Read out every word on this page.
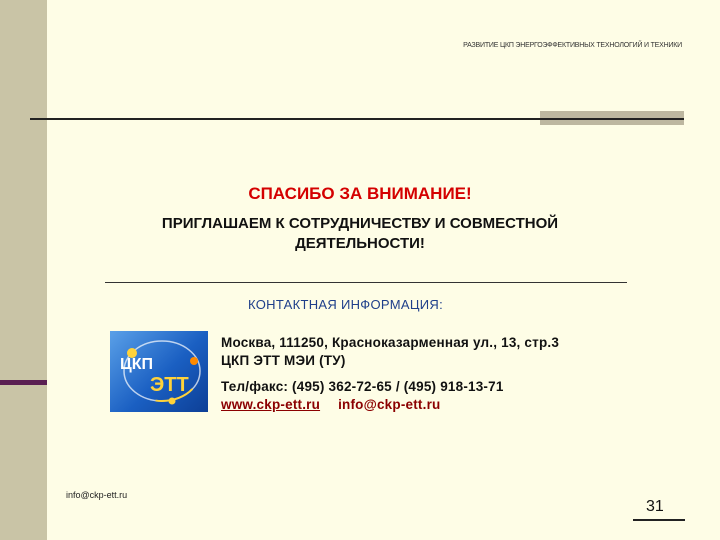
РАЗВИТИЕ ЦКП ЭНЕРГОЭФФЕКТИВНЫХ ТЕХНОЛОГИЙ И ТЕХНИКИ
СПАСИБО ЗА ВНИМАНИЕ!
ПРИГЛАШАЕМ К СОТРУДНИЧЕСТВУ И СОВМЕСТНОЙ
ДЕЯТЕЛЬНОСТИ!
КОНТАКТНАЯ ИНФОРМАЦИЯ:
ЦКП
ЭТТ
Москва, 111250, Красноказарменная ул., 13, стр.3
ЦКП ЭТТ МЭИ (ТУ)
Тел/факс: (495) 362-72-65 / (495) 918-13-71
www.ckp-ett.ru info@ckp-ett.ru
info@ckp-ett.ru
31
